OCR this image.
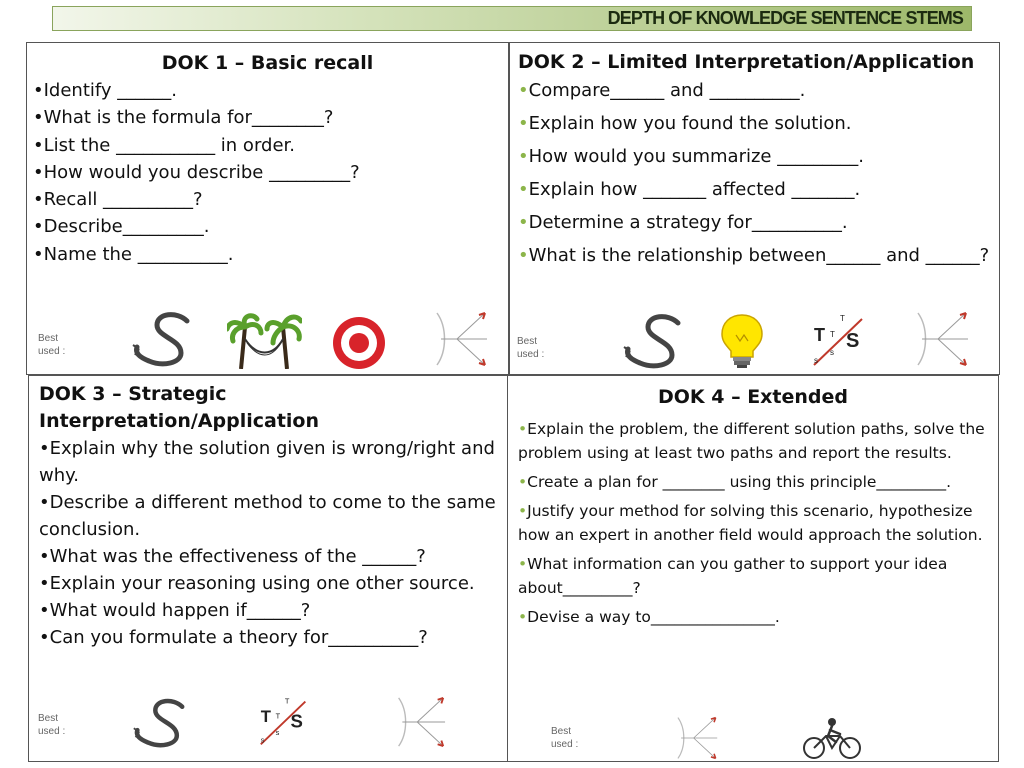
DEPTH OF KNOWLEDGE SENTENCE STEMS
DOK 1 – Basic recall
• Identify ______.
• What is the formula for________?
• List the ___________ in order.
• How would you describe _________?
• Recall __________?
• Describe_________.
• Name the __________.
Best used :
DOK 2 – Limited Interpretation/Application
• Compare______ and __________.
• Explain how you found the solution.
• How would you summarize _________.
• Explain how _______ affected _______.
• Determine a strategy for__________.
• What is the relationship between______ and ______?
Best used :
T
T
T S
s
s
DOK 3 – Strategic Interpretation/Application
• Explain why the solution given is wrong/right and why.
• Describe a different method to come to the same conclusion.
• What was the effectiveness of the ______?
• Explain your reasoning using one other source.
• What would happen if______?
• Can you formulate a theory for__________?
Best used :
T
T
T S
s
s
DOK 4 – Extended
• Explain the problem, the different solution paths, solve the problem using at least two paths and report the results.
• Create a plan for ________ using this principle_________.
• Justify your method for solving this scenario, hypothesize how an expert in another field would approach the solution.
• What information can you gather to support your idea about_________?
• Devise a way to________________.
Best used :
